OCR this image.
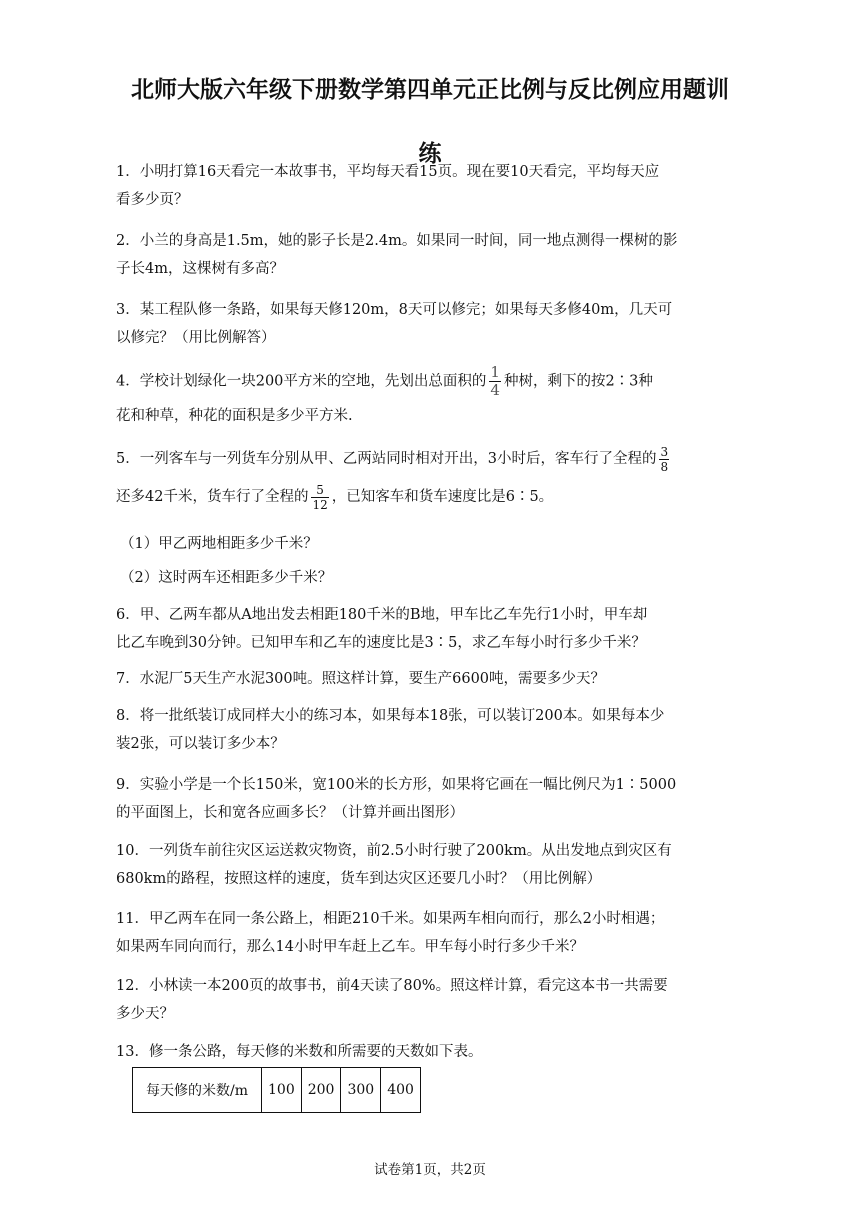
北师大版六年级下册数学第四单元正比例与反比例应用题训
练
1．小明打算16天看完一本故事书，平均每天看15页。现在要10天看完，平均每天应
看多少页？
2．小兰的身高是1.5m，她的影子长是2.4m。如果同一时间，同一地点测得一棵树的影
子长4m，这棵树有多高？
3．某工程队修一条路，如果每天修120m，8天可以修完；如果每天多修40m，几天可
以修完？（用比例解答）
4．学校计划绿化一块200平方米的空地，先划出总面积的 $\frac{1}{4}$ 种树，剩下的按2∶3种
花和种草，种花的面积是多少平方米.
5．一列客车与一列货车分别从甲、乙两站同时相对开出，3小时后，客车行了全程的 $\frac{3}{8}$
还多42千米，货车行了全程的 $\frac{5}{12}$ ，已知客车和货车速度比是6∶5。
（1）甲乙两地相距多少千米？
（2）这时两车还相距多少千米？
6．甲、乙两车都从A地出发去相距180千米的B地，甲车比乙车先行1小时，甲车却
比乙车晚到30分钟。已知甲车和乙车的速度比是3∶5，求乙车每小时行多少千米？
7．水泥厂5天生产水泥300吨。照这样计算，要生产6600吨，需要多少天？
8．将一批纸装订成同样大小的练习本，如果每本18张，可以装订200本。如果每本少
装2张，可以装订多少本？
9．实验小学是一个长150米，宽100米的长方形，如果将它画在一幅比例尺为1∶5000
的平面图上，长和宽各应画多长？（计算并画出图形）
10．一列货车前往灾区运送救灾物资，前2.5小时行驶了200km。从出发地点到灾区有
680km的路程，按照这样的速度，货车到达灾区还要几小时？（用比例解）
11．甲乙两车在同一条公路上，相距210千米。如果两车相向而行，那么2小时相遇；
如果两车同向而行，那么14小时甲车赶上乙车。甲车每小时行多少千米？
12．小林读一本200页的故事书，前4天读了80%。照这样计算，看完这本书一共需要
多少天？
13．修一条公路，每天修的米数和所需要的天数如下表。
每天修的米数/m	100	200	300	400
试卷第1页，共2页
